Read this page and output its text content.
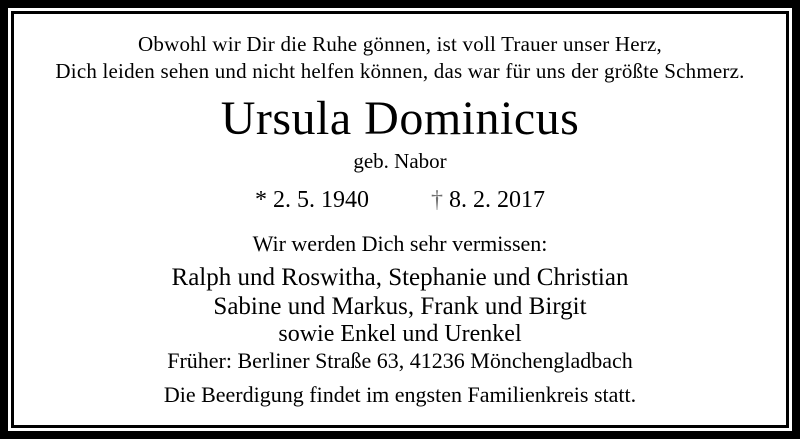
Obwohl wir Dir die Ruhe gönnen, ist voll Trauer unser Herz,
Dich leiden sehen und nicht helfen können, das war für uns der größte Schmerz.
Ursula Dominicus
geb. Nabor
* 2. 5. 1940	† 8. 2. 2017
Wir werden Dich sehr vermissen:
Ralph und Roswitha, Stephanie und Christian
Sabine und Markus, Frank und Birgit
sowie Enkel und Urenkel
Früher: Berliner Straße 63, 41236 Mönchengladbach
Die Beerdigung findet im engsten Familienkreis statt.
